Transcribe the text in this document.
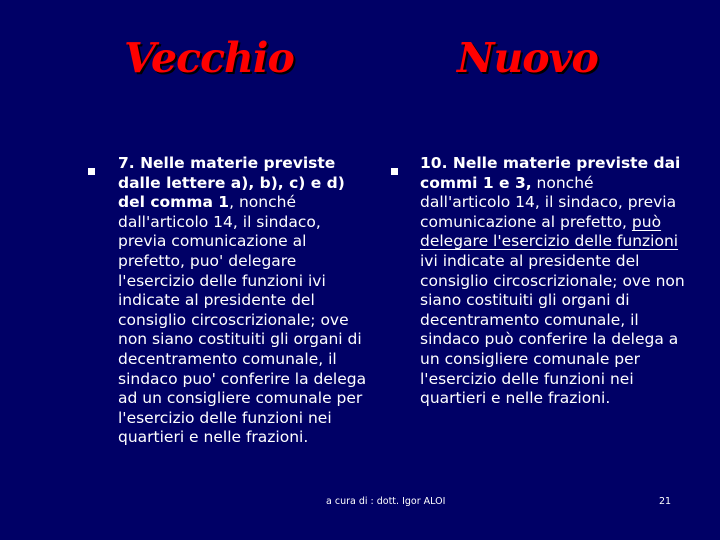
Vecchio	Nuovo
7. Nelle materie previste dalle lettere a), b), c) e d) del comma 1, nonché dall'articolo 14, il sindaco, previa comunicazione al prefetto, puo' delegare l'esercizio delle funzioni ivi indicate al presidente del consiglio circoscrizionale; ove non siano costituiti gli organi di decentramento comunale, il sindaco puo' conferire la delega ad un consigliere comunale per l'esercizio delle funzioni nei quartieri e nelle frazioni.
10. Nelle materie previste dai commi 1 e 3, nonché dall'articolo 14, il sindaco, previa comunicazione al prefetto, può delegare l'esercizio delle funzioni ivi indicate al presidente del consiglio circoscrizionale; ove non siano costituiti gli organi di decentramento comunale, il sindaco può conferire la delega a un consigliere comunale per l'esercizio delle funzioni nei quartieri e nelle frazioni.
a cura di : dott. Igor ALOI	21
